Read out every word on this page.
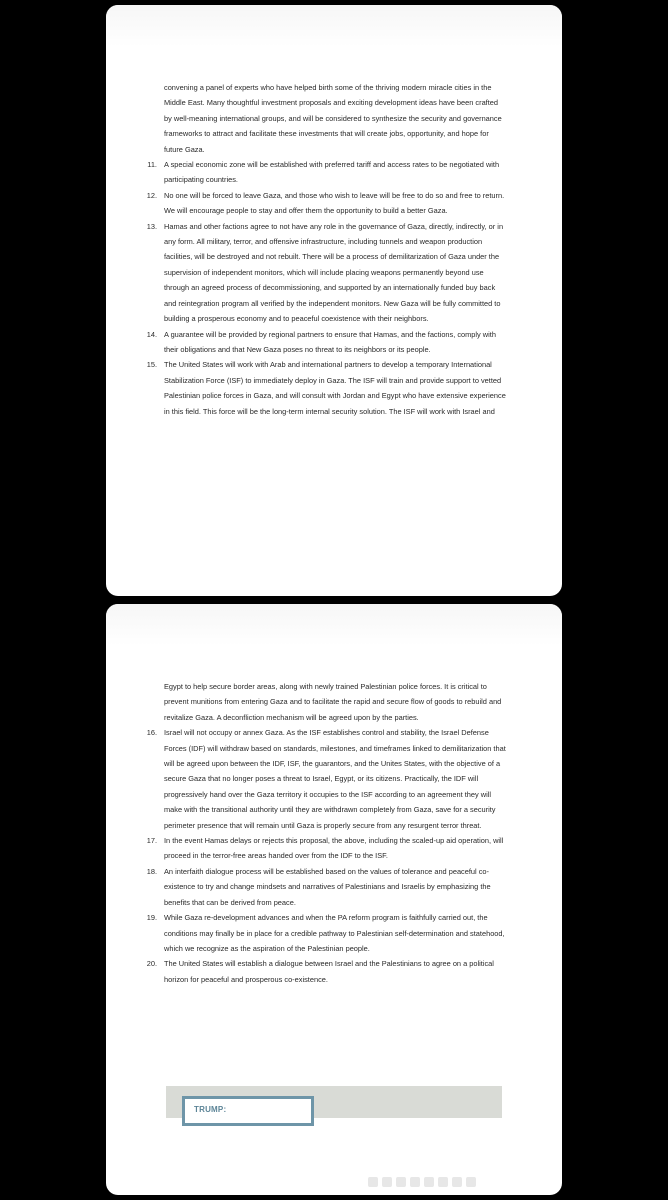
convening a panel of experts who have helped birth some of the thriving modern miracle cities in the Middle East. Many thoughtful investment proposals and exciting development ideas have been crafted by well-meaning international groups, and will be considered to synthesize the security and governance frameworks to attract and facilitate these investments that will create jobs, opportunity, and hope for future Gaza.

11. A special economic zone will be established with preferred tariff and access rates to be negotiated with participating countries.
12. No one will be forced to leave Gaza, and those who wish to leave will be free to do so and free to return. We will encourage people to stay and offer them the opportunity to build a better Gaza.
13. Hamas and other factions agree to not have any role in the governance of Gaza, directly, indirectly, or in any form. All military, terror, and offensive infrastructure, including tunnels and weapon production facilities, will be destroyed and not rebuilt. There will be a process of demilitarization of Gaza under the supervision of independent monitors, which will include placing weapons permanently beyond use through an agreed process of decommissioning, and supported by an internationally funded buy back and reintegration program all verified by the independent monitors. New Gaza will be fully committed to building a prosperous economy and to peaceful coexistence with their neighbors.
14. A guarantee will be provided by regional partners to ensure that Hamas, and the factions, comply with their obligations and that New Gaza poses no threat to its neighbors or its people.
15. The United States will work with Arab and international partners to develop a temporary International Stabilization Force (ISF) to immediately deploy in Gaza. The ISF will train and provide support to vetted Palestinian police forces in Gaza, and will consult with Jordan and Egypt who have extensive experience in this field. This force will be the long-term internal security solution. The ISF will work with Israel and

Egypt to help secure border areas, along with newly trained Palestinian police forces. It is critical to prevent munitions from entering Gaza and to facilitate the rapid and secure flow of goods to rebuild and revitalize Gaza. A deconfliction mechanism will be agreed upon by the parties.

16. Israel will not occupy or annex Gaza. As the ISF establishes control and stability, the Israel Defense Forces (IDF) will withdraw based on standards, milestones, and timeframes linked to demilitarization that will be agreed upon between the IDF, ISF, the guarantors, and the Unites States, with the objective of a secure Gaza that no longer poses a threat to Israel, Egypt, or its citizens. Practically, the IDF will progressively hand over the Gaza territory it occupies to the ISF according to an agreement they will make with the transitional authority until they are withdrawn completely from Gaza, save for a security perimeter presence that will remain until Gaza is properly secure from any resurgent terror threat.
17. In the event Hamas delays or rejects this proposal, the above, including the scaled-up aid operation, will proceed in the terror-free areas handed over from the IDF to the ISF.
18. An interfaith dialogue process will be established based on the values of tolerance and peaceful co-existence to try and change mindsets and narratives of Palestinians and Israelis by emphasizing the benefits that can be derived from peace.
19. While Gaza re-development advances and when the PA reform program is faithfully carried out, the conditions may finally be in place for a credible pathway to Palestinian self-determination and statehood, which we recognize as the aspiration of the Palestinian people.
20. The United States will establish a dialogue between Israel and the Palestinians to agree on a political horizon for peaceful and prosperous co-existence.
TRUMP:
